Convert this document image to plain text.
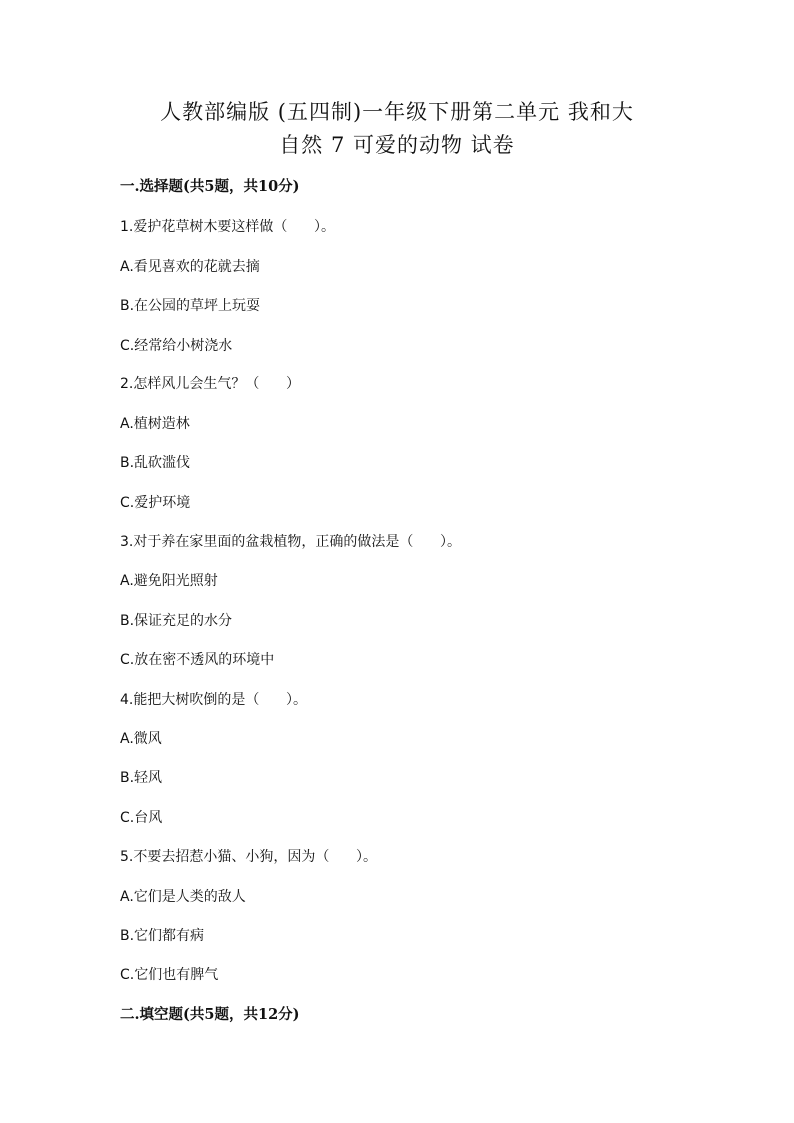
人教部编版 (五四制)一年级下册第二单元 我和大
自然 7 可爱的动物 试卷
一.选择题(共5题，共10分)
1.爱护花草树木要这样做（      ）。
A.看见喜欢的花就去摘
B.在公园的草坪上玩耍
C.经常给小树浇水
2.怎样风儿会生气？（      ）
A.植树造林
B.乱砍滥伐
C.爱护环境
3.对于养在家里面的盆栽植物，正确的做法是（      ）。
A.避免阳光照射
B.保证充足的水分
C.放在密不透风的环境中
4.能把大树吹倒的是（      ）。
A.微风
B.轻风
C.台风
5.不要去招惹小猫、小狗，因为（      ）。
A.它们是人类的敌人
B.它们都有病
C.它们也有脾气
二.填空题(共5题，共12分)
